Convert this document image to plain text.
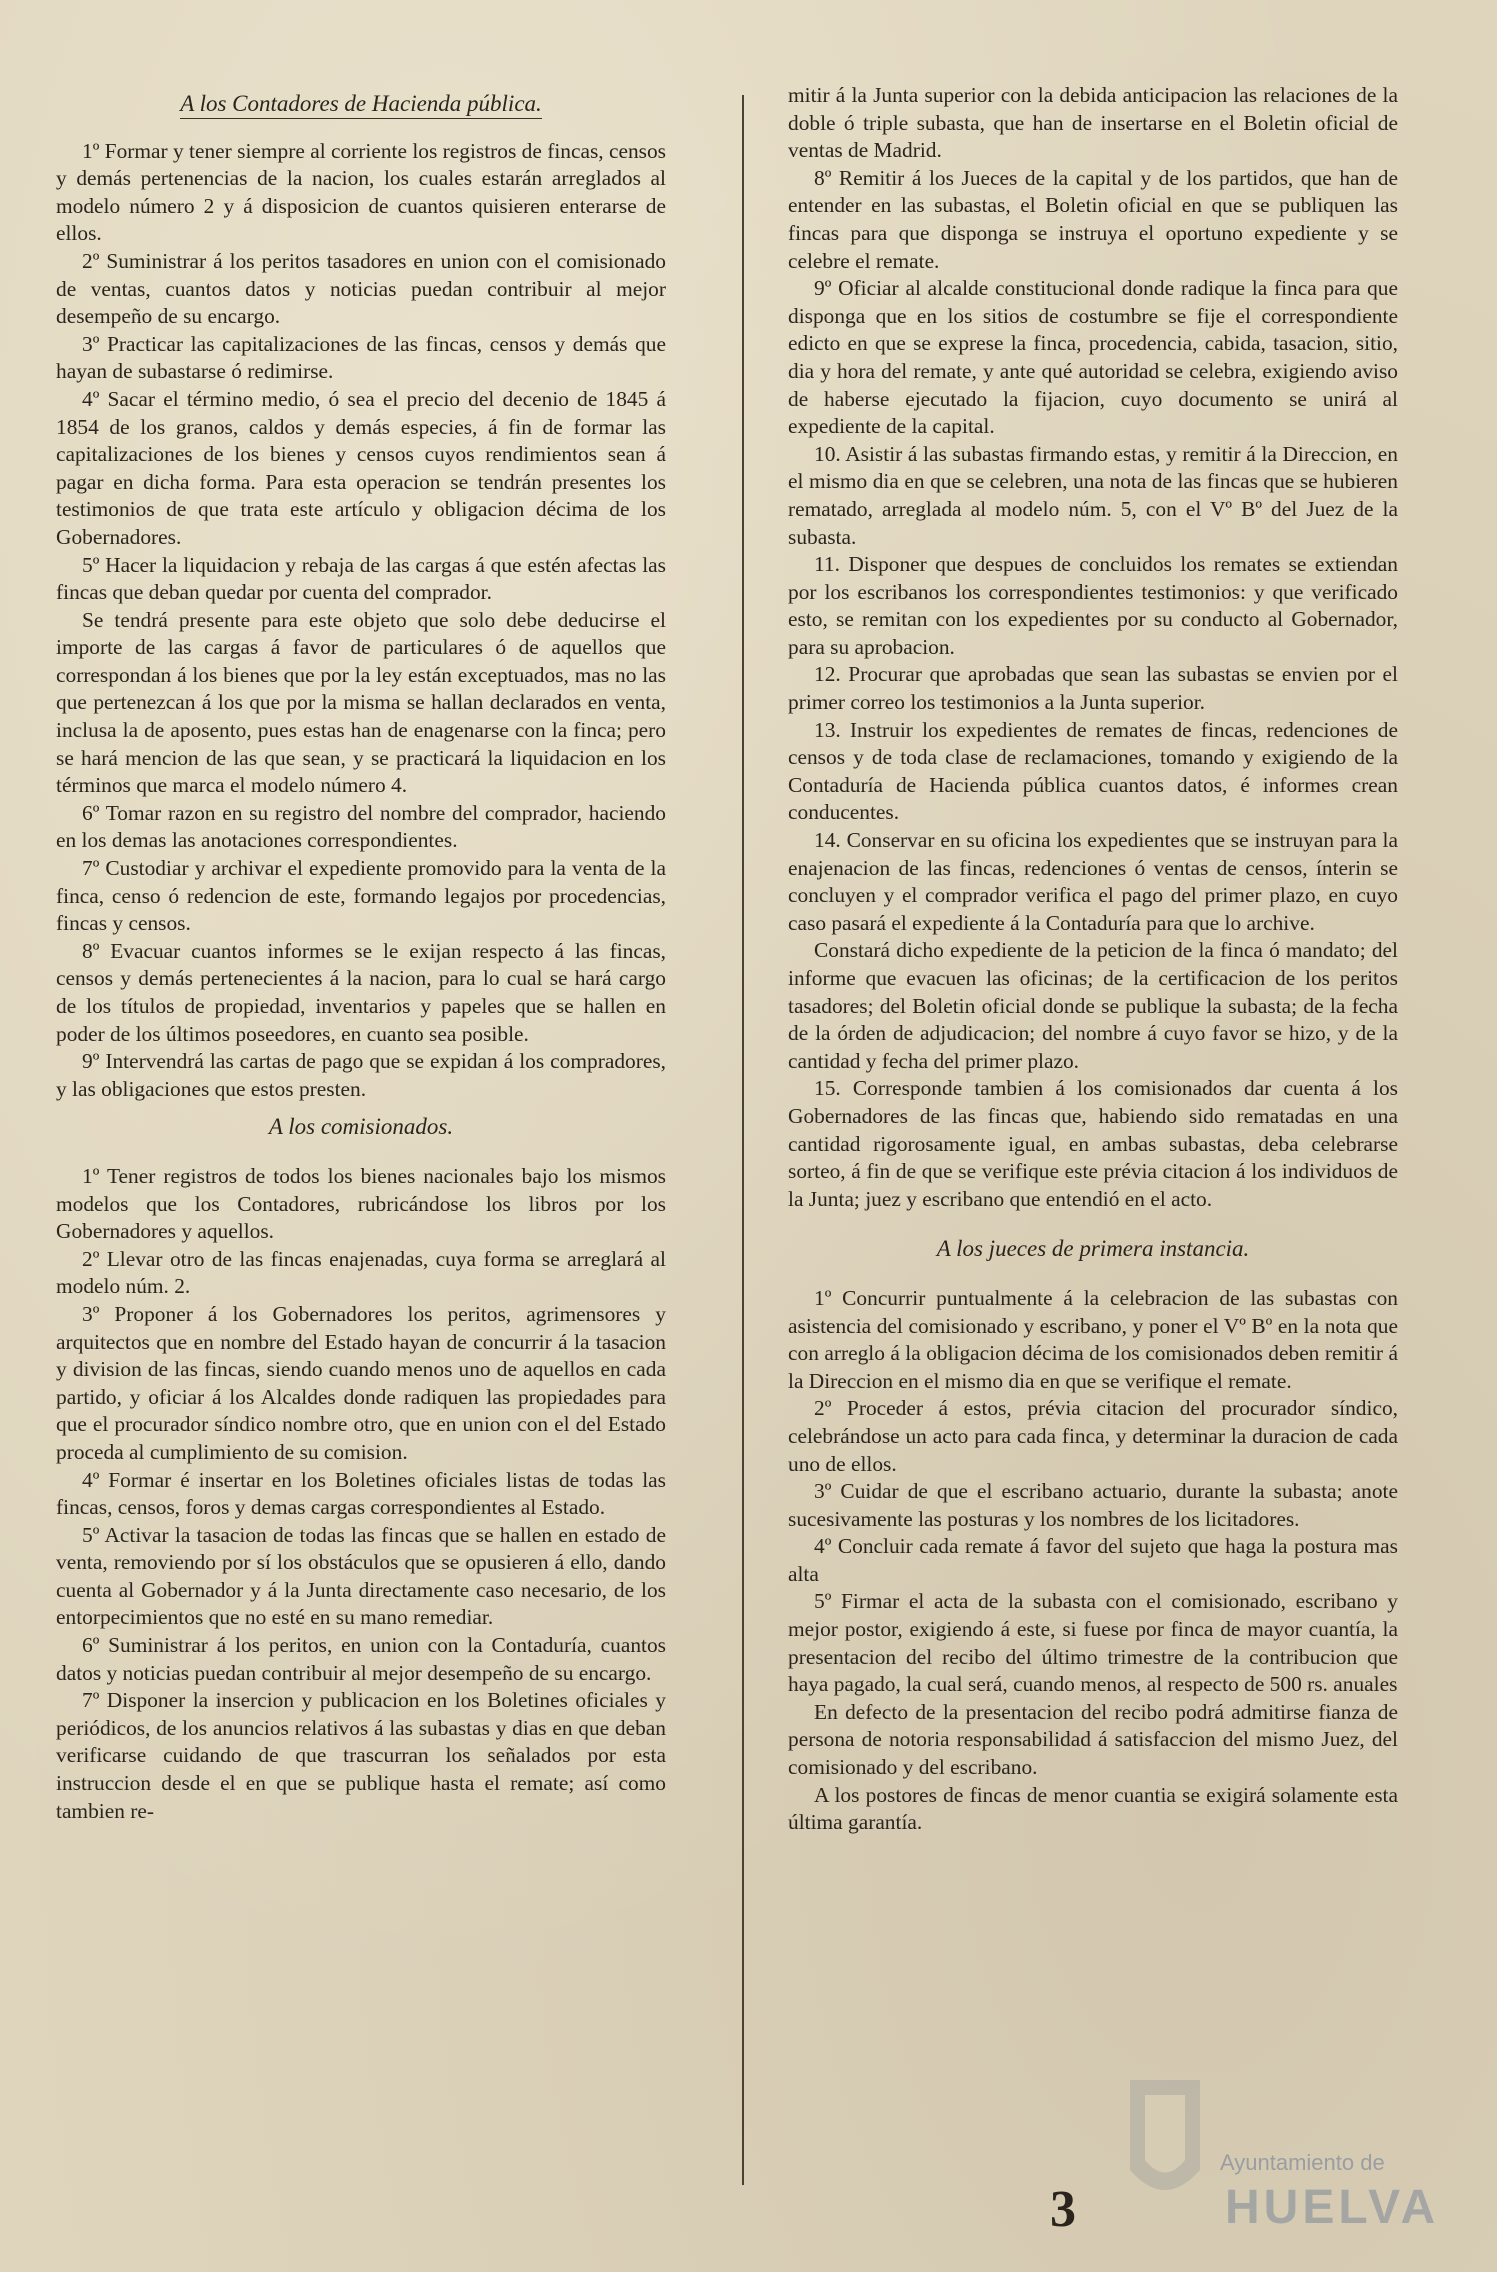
A los Contadores de Hacienda pública.

1º Formar y tener siempre al corriente los registros de fincas, censos y demás pertenencias de la nacion, los cuales estarán arreglados al modelo número 2 y á disposicion de cuantos quisieren enterarse de ellos.

2º Suministrar á los peritos tasadores en union con el comisionado de ventas, cuantos datos y noticias puedan contribuir al mejor desempeño de su encargo.

3º Practicar las capitalizaciones de las fincas, censos y demás que hayan de subastarse ó redimirse.

4º Sacar el término medio, ó sea el precio del decenio de 1845 á 1854 de los granos, caldos y demás especies, á fin de formar las capitalizaciones de los bienes y censos cuyos rendimientos sean á pagar en dicha forma. Para esta operacion se tendrán presentes los testimonios de que trata este artículo y obligacion décima de los Gobernadores.

5º Hacer la liquidacion y rebaja de las cargas á que estén afectas las fincas que deban quedar por cuenta del comprador.

Se tendrá presente para este objeto que solo debe deducirse el importe de las cargas á favor de particulares ó de aquellos que correspondan á los bienes que por la ley están exceptuados, mas no las que pertenezcan á los que por la misma se hallan declarados en venta, inclusa la de aposento, pues estas han de enagenarse con la finca; pero se hará mencion de las que sean, y se practicará la liquidacion en los términos que marca el modelo número 4.

6º Tomar razon en su registro del nombre del comprador, haciendo en los demas las anotaciones correspondientes.

7º Custodiar y archivar el expediente promovido para la venta de la finca, censo ó redencion de este, formando legajos por procedencias, fincas y censos.

8º Evacuar cuantos informes se le exijan respecto á las fincas, censos y demás pertenecientes á la nacion, para lo cual se hará cargo de los títulos de propiedad, inventarios y papeles que se hallen en poder de los últimos poseedores, en cuanto sea posible.

9º Intervendrá las cartas de pago que se expidan á los compradores, y las obligaciones que estos presten.

A los comisionados.

1º Tener registros de todos los bienes nacionales bajo los mismos modelos que los Contadores, rubricándose los libros por los Gobernadores y aquellos.

2º Llevar otro de las fincas enajenadas, cuya forma se arreglará al modelo núm. 2.

3º Proponer á los Gobernadores los peritos, agrimensores y arquitectos que en nombre del Estado hayan de concurrir á la tasacion y division de las fincas, siendo cuando menos uno de aquellos en cada partido, y oficiar á los Alcaldes donde radiquen las propiedades para que el procurador síndico nombre otro, que en union con el del Estado proceda al cumplimiento de su comision.

4º Formar é insertar en los Boletines oficiales listas de todas las fincas, censos, foros y demas cargas correspondientes al Estado.

5º Activar la tasacion de todas las fincas que se hallen en estado de venta, removiendo por sí los obstáculos que se opusieren á ello, dando cuenta al Gobernador y á la Junta directamente caso necesario, de los entorpecimientos que no esté en su mano remediar.

6º Suministrar á los peritos, en union con la Contaduría, cuantos datos y noticias puedan contribuir al mejor desempeño de su encargo.

7º Disponer la insercion y publicacion en los Boletines oficiales y periódicos, de los anuncios relativos á las subastas y dias en que deban verificarse cuidando de que trascurran los señalados por esta instruccion desde el en que se publique hasta el remate; así como tambien re-

mitir á la Junta superior con la debida anticipacion las relaciones de la doble ó triple subasta, que han de insertarse en el Boletin oficial de ventas de Madrid.

8º Remitir á los Jueces de la capital y de los partidos, que han de entender en las subastas, el Boletin oficial en que se publiquen las fincas para que disponga se instruya el oportuno expediente y se celebre el remate.

9º Oficiar al alcalde constitucional donde radique la finca para que disponga que en los sitios de costumbre se fije el correspondiente edicto en que se exprese la finca, procedencia, cabida, tasacion, sitio, dia y hora del remate, y ante qué autoridad se celebra, exigiendo aviso de haberse ejecutado la fijacion, cuyo documento se unirá al expediente de la capital.

10. Asistir á las subastas firmando estas, y remitir á la Direccion, en el mismo dia en que se celebren, una nota de las fincas que se hubieren rematado, arreglada al modelo núm. 5, con el Vº Bº del Juez de la subasta.

11. Disponer que despues de concluidos los remates se extiendan por los escribanos los correspondientes testimonios: y que verificado esto, se remitan con los expedientes por su conducto al Gobernador, para su aprobacion.

12. Procurar que aprobadas que sean las subastas se envien por el primer correo los testimonios a la Junta superior.

13. Instruir los expedientes de remates de fincas, redenciones de censos y de toda clase de reclamaciones, tomando y exigiendo de la Contaduría de Hacienda pública cuantos datos, é informes crean conducentes.

14. Conservar en su oficina los expedientes que se instruyan para la enajenacion de las fincas, redenciones ó ventas de censos, ínterin se concluyen y el comprador verifica el pago del primer plazo, en cuyo caso pasará el expediente á la Contaduría para que lo archive.

Constará dicho expediente de la peticion de la finca ó mandato; del informe que evacuen las oficinas; de la certificacion de los peritos tasadores; del Boletin oficial donde se publique la subasta; de la fecha de la órden de adjudicacion; del nombre á cuyo favor se hizo, y de la cantidad y fecha del primer plazo.

15. Corresponde tambien á los comisionados dar cuenta á los Gobernadores de las fincas que, habiendo sido rematadas en una cantidad rigorosamente igual, en ambas subastas, deba celebrarse sorteo, á fin de que se verifique este prévia citacion á los individuos de la Junta; juez y escribano que entendió en el acto.

A los jueces de primera instancia.

1º Concurrir puntualmente á la celebracion de las subastas con asistencia del comisionado y escribano, y poner el Vº Bº en la nota que con arreglo á la obligacion décima de los comisionados deben remitir á la Direccion en el mismo dia en que se verifique el remate.

2º Proceder á estos, prévia citacion del procurador síndico, celebrándose un acto para cada finca, y determinar la duracion de cada uno de ellos.

3º Cuidar de que el escribano actuario, durante la subasta; anote sucesivamente las posturas y los nombres de los licitadores.

4º Concluir cada remate á favor del sujeto que haga la postura mas alta

5º Firmar el acta de la subasta con el comisionado, escribano y mejor postor, exigiendo á este, si fuese por finca de mayor cuantía, la presentacion del recibo del último trimestre de la contribucion que haya pagado, la cual será, cuando menos, al respecto de 500 rs. anuales

En defecto de la presentacion del recibo podrá admitirse fianza de persona de notoria responsabilidad á satisfaccion del mismo Juez, del comisionado y del escribano.

A los postores de fincas de menor cuantia se exigirá solamente esta última garantía.

Ayuntamiento de
HUELVA
3
